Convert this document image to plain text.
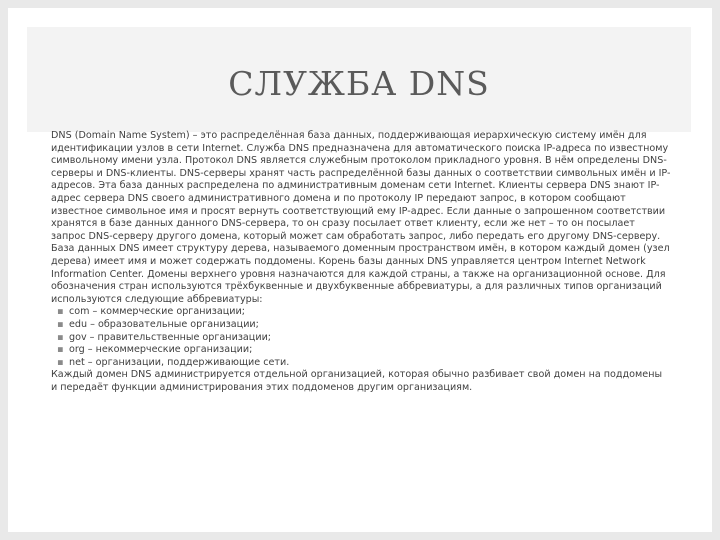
СЛУЖБА DNS

DNS (Domain Name System) – это распределённая база данных, поддерживающая иерархическую систему имён для идентификации узлов в сети Internet. Служба DNS предназначена для автоматического поиска IP-адреса по известному символьному имени узла. Протокол DNS является служебным протоколом прикладного уровня. В нём определены DNS-серверы и DNS-клиенты. DNS-серверы хранят часть распределённой базы данных о соответствии символьных имён и IP-адресов. Эта база данных распределена по административным доменам сети Internet. Клиенты сервера DNS знают IP-адрес сервера DNS своего административного домена и по протоколу IP передают запрос, в котором сообщают известное символьное имя и просят вернуть соответствующий ему IP-адрес. Если данные о запрошенном соответствии хранятся в базе данных данного DNS-сервера, то он сразу посылает ответ клиенту, если же нет – то он посылает запрос DNS-серверу другого домена, который может сам обработать запрос, либо передать его другому DNS-серверу. База данных DNS имеет структуру дерева, называемого доменным пространством имён, в котором каждый домен (узел дерева) имеет имя и может содержать поддомены. Корень базы данных DNS управляется центром Internet Network Information Center. Домены верхнего уровня назначаются для каждой страны, а также на организационной основе. Для обозначения стран используются трёхбуквенные и двухбуквенные аббревиатуры, а для различных типов организаций используются следующие аббревиатуры:

▪ com – коммерческие организации;
▪ edu – образовательные организации;
▪ gov – правительственные организации;
▪ org – некоммерческие организации;
▪ net – организации, поддерживающие сети.

Каждый домен DNS администрируется отдельной организацией, которая обычно разбивает свой домен на поддомены и передаёт функции администрирования этих поддоменов другим организациям.
